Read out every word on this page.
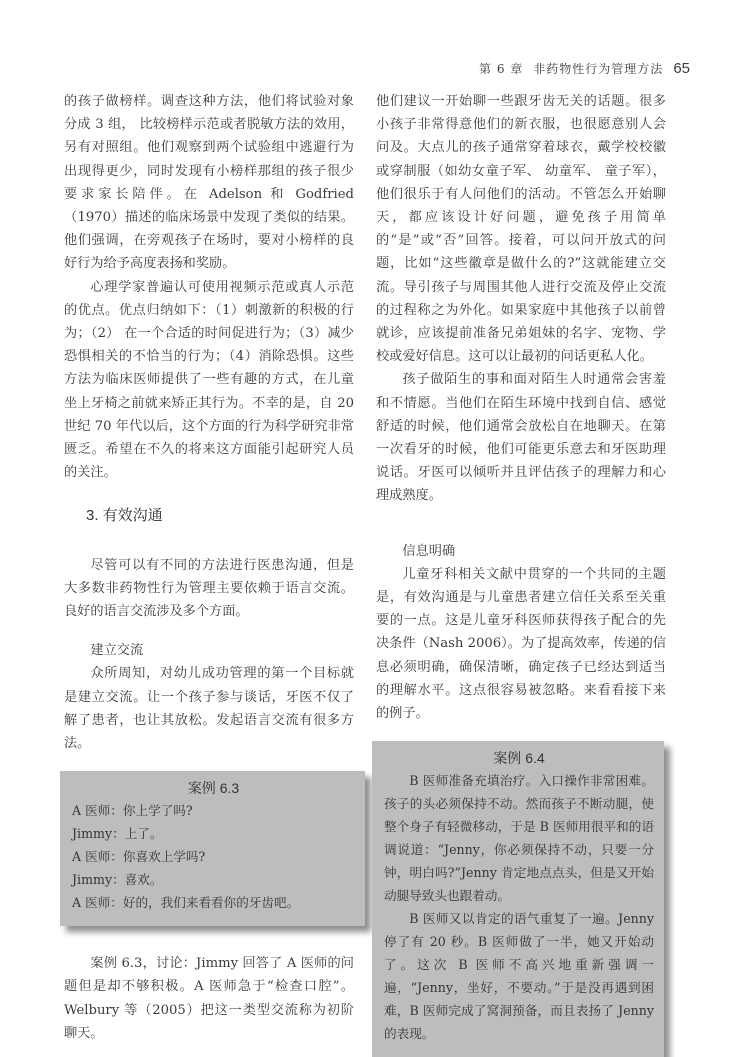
第 6 章 非药物性行为管理方法 65

的孩子做榜样。调查这种方法，他们将试验对象分成 3 组， 比较榜样示范或者脱敏方法的效用，另有对照组。他们观察到两个试验组中逃避行为出现得更少，同时发现有小榜样那组的孩子很少要求家长陪伴。在 Adelson 和 Godfried （1970）描述的临床场景中发现了类似的结果。他们强调，在旁观孩子在场时，要对小榜样的良好行为给予高度表扬和奖励。

心理学家普遍认可使用视频示范或真人示范的优点。优点归纳如下：（1）刺激新的积极的行为；（2） 在一个合适的时间促进行为；（3）减少恐惧相关的不恰当的行为；（4）消除恐惧。这些方法为临床医师提供了一些有趣的方式，在儿童坐上牙椅之前就来矫正其行为。不幸的是，自 20 世纪 70 年代以后，这个方面的行为科学研究非常匮乏。希望在不久的将来这方面能引起研究人员的关注。

3. 有效沟通

尽管可以有不同的方法进行医患沟通，但是大多数非药物性行为管理主要依赖于语言交流。良好的语言交流涉及多个方面。

建立交流

众所周知，对幼儿成功管理的第一个目标就是建立交流。让一个孩子参与谈话，牙医不仅了解了患者，也让其放松。发起语言交流有很多方法。

案例 6.3

A 医师：你上学了吗?

Jimmy：上了。

A 医师：你喜欢上学吗?

Jimmy：喜欢。

A 医师：好的，我们来看看你的牙齿吧。

案例 6.3，讨论：Jimmy 回答了 A 医师的问题但是却不够积极。A 医师急于“检查口腔”。Welbury 等（2005）把这一类型交流称为初阶聊天。

他们建议一开始聊一些跟牙齿无关的话题。很多小孩子非常得意他们的新衣服，也很愿意别人会问及。大点儿的孩子通常穿着球衣，戴学校校徽或穿制服（如幼女童子军、 幼童军、 童子军），他们很乐于有人问他们的活动。不管怎么开始聊天，都应该设计好问题，避免孩子用简单的“是”或“否”回答。接着，可以问开放式的问题，比如“这些徽章是做什么的?”这就能建立交流。导引孩子与周围其他人进行交流及停止交流的过程称之为外化。如果家庭中其他孩子以前曾就诊，应该提前准备兄弟姐妹的名字、宠物、学校或爱好信息。这可以让最初的问话更私人化。

孩子做陌生的事和面对陌生人时通常会害羞和不情愿。当他们在陌生环境中找到自信、感觉舒适的时候，他们通常会放松自在地聊天。在第一次看牙的时候，他们可能更乐意去和牙医助理说话。牙医可以倾听并且评估孩子的理解力和心理成熟度。

信息明确

儿童牙科相关文献中贯穿的一个共同的主题是，有效沟通是与儿童患者建立信任关系至关重要的一点。这是儿童牙科医师获得孩子配合的先决条件（Nash 2006）。为了提高效率，传递的信息必须明确，确保清晰，确定孩子已经达到适当的理解水平。这点很容易被忽略。来看看接下来的例子。

案例 6.4

B 医师准备充填治疗。入口操作非常困难。孩子的头必须保持不动。然而孩子不断动腿，使整个身子有轻微移动，于是 B 医师用很平和的语调说道：“Jenny，你必须保持不动，只要一分钟，明白吗?”Jenny 肯定地点点头，但是又开始动腿导致头也跟着动。

B 医师又以肯定的语气重复了一遍。Jenny 停了有 20 秒。B 医师做了一半，她又开始动了。这次 B 医师不高兴地重新强调一遍，“Jenny，坐好，不要动。”于是没再遇到困难，B 医师完成了窝洞预备，而且表扬了 Jenny 的表现。
